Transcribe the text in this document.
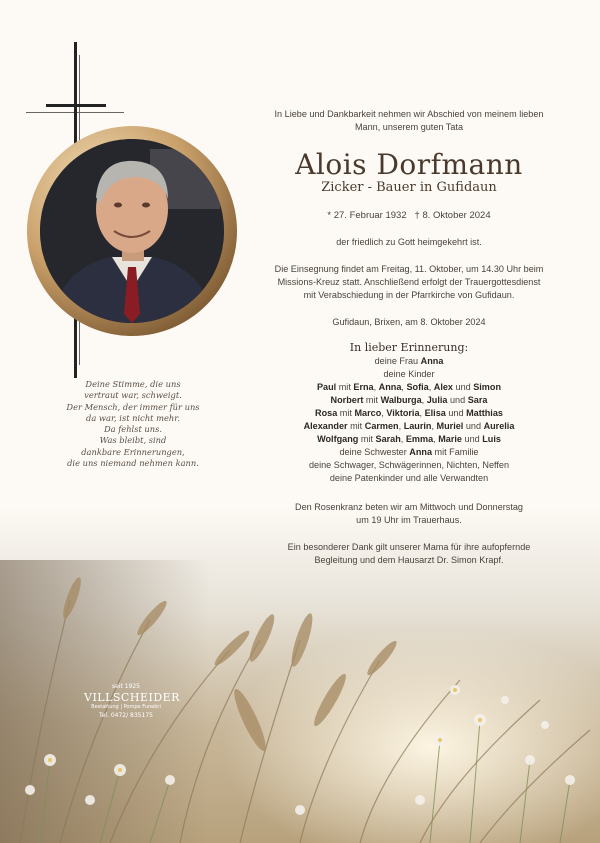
Deine Stimme, die uns
vertraut war, schweigt.
Der Mensch, der immer für uns
da war, ist nicht mehr.
Da fehlst uns.
Was bleibt, sind
dankbare Erinnerungen,
die uns niemand nehmen kann.
In Liebe und Dankbarkeit nehmen wir Abschied von meinem lieben
Mann, unserem guten Tata
Alois Dorfmann
Zicker - Bauer in Gufidaun
* 27. Februar 1932 † 8. Oktober 2024
der friedlich zu Gott heimgekehrt ist.
Die Einsegnung findet am Freitag, 11. Oktober, um 14.30 Uhr beim
Missions-Kreuz statt. Anschließend erfolgt der Trauergottesdienst
mit Verabschiedung in der Pfarrkirche von Gufidaun.
Gufidaun, Brixen, am 8. Oktober 2024
In lieber Erinnerung:
deine Frau Anna
deine Kinder
Paul mit Erna, Anna, Sofia, Alex und Simon
Norbert mit Walburga, Julia und Sara
Rosa mit Marco, Viktoria, Elisa und Matthias
Alexander mit Carmen, Laurin, Muriel und Aurelia
Wolfgang mit Sarah, Emma, Marie und Luis
deine Schwester Anna mit Familie
deine Schwager, Schwägerinnen, Nichten, Neffen
deine Patenkinder und alle Verwandten
Den Rosenkranz beten wir am Mittwoch und Donnerstag
um 19 Uhr im Trauerhaus.
Ein besonderer Dank gilt unserer Mama für ihre aufopfernde
Begleitung und dem Hausarzt Dr. Simon Krapf.
seit 1925
VILLSCHEIDER
Bestattung | Pompe Funebri
Tel. 0472/ 835175
